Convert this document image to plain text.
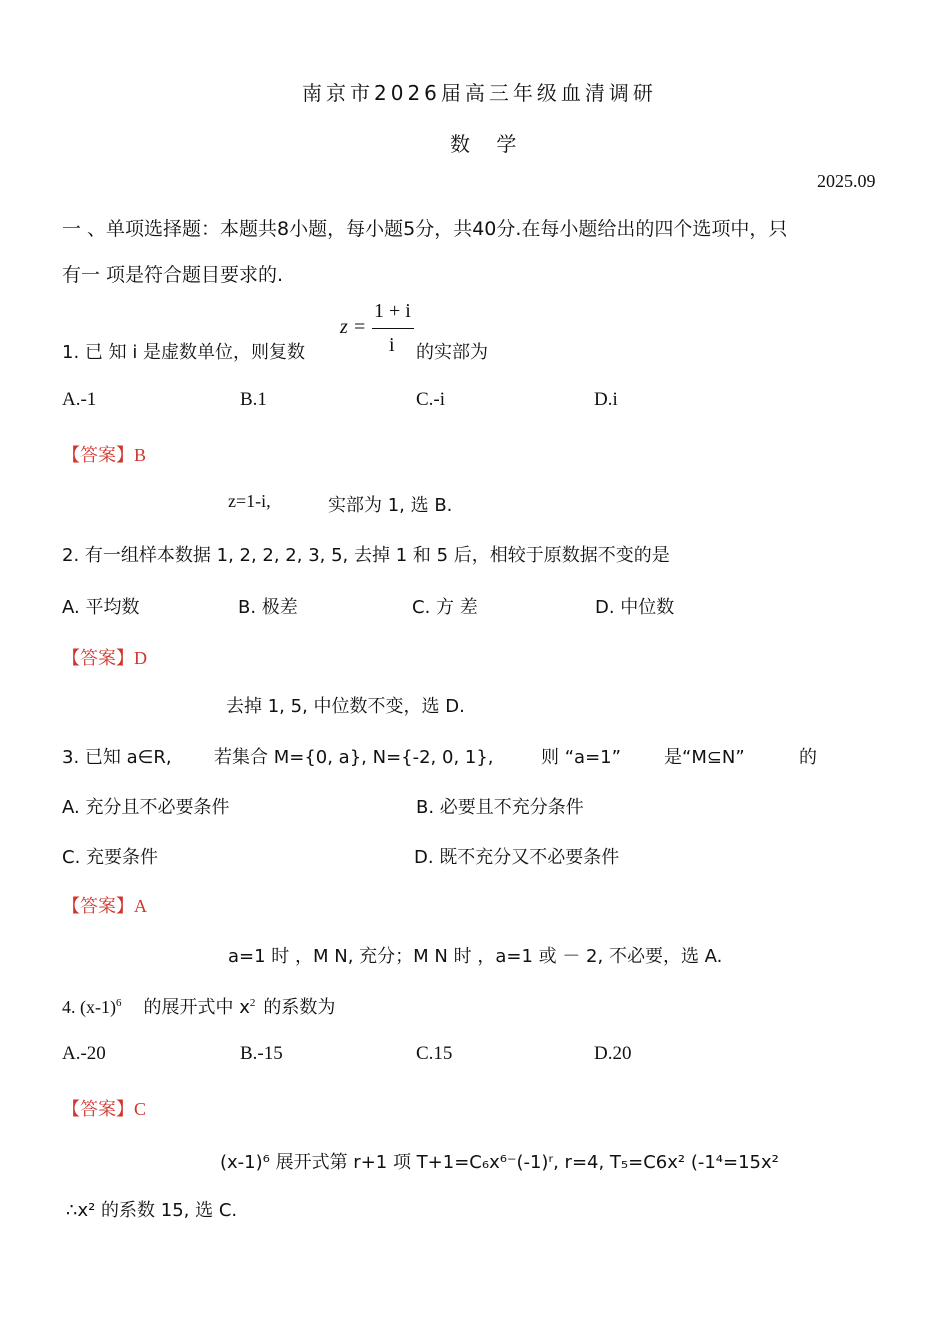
南京市2026届高三年级血清调研
数 学
2025.09
一 、单项选择题：本题共8小题，每小题5分，共40分.在每小题给出的四个选项中，只
有一 项是符合题目要求的.
1. 已 知 i 是虚数单位，则复数
z =
1 + i
i 的实部为
A.-1	B.1	C.-i	D.i
【答案】B
z=1-i,	实部为 1, 选 B.
2. 有一组样本数据 1, 2, 2, 2, 3, 5, 去掉 1 和 5 后，相较于原数据不变的是
A. 平均数	B. 极差	C. 方 差	D. 中位数
【答案】D
去掉 1, 5, 中位数不变，选 D.
3. 已知 a∈R, 若集合 M={0, a}, N={-2, 0, 1},	则 “a=1” 是“M⊆N”	的
A. 充分且不必要条件	B. 必要且不充分条件
C. 充要条件	D. 既不充分又不必要条件
【答案】A
a=1 时 ，M N, 充分；M N 时 ，a=1 或 － 2, 不必要，选 A.
4. $(x-1)^6$ 的展开式中 $x^2$ 的系数为
A.-20	B.-15	C.15	D.20
【答案】C
(x-1)⁶ 展开式第 r+1 项 T+1=C₆x⁶⁻(-1)ʳ, r=4, T₅=C6x² (-1⁴=15x²
∴x² 的系数 15, 选 C.
